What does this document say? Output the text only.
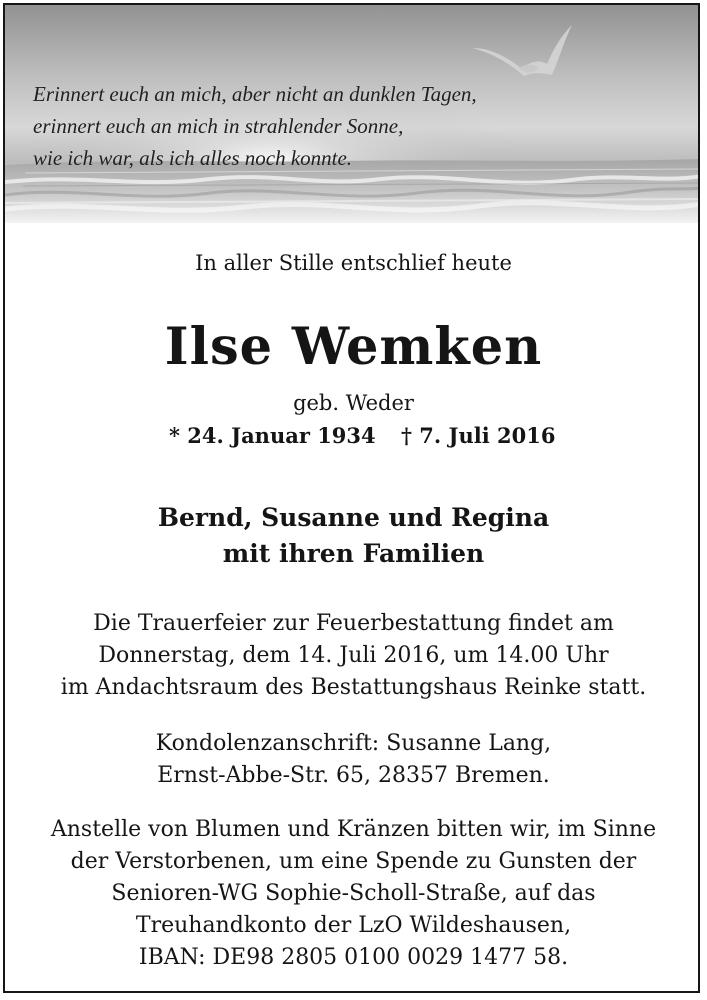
Erinnert euch an mich, aber nicht an dunklen Tagen,
erinnert euch an mich in strahlender Sonne,
wie ich war, als ich alles noch konnte.

In aller Stille entschlief heute
Ilse Wemken
geb. Weder
* 24. Januar 1934 † 7. Juli 2016
Bernd, Susanne und Regina
mit ihren Familien
Die Trauerfeier zur Feuerbestattung findet am
Donnerstag, dem 14. Juli 2016, um 14.00 Uhr
im Andachtsraum des Bestattungshaus Reinke statt.
Kondolenzanschrift: Susanne Lang,
Ernst-Abbe-Str. 65, 28357 Bremen.
Anstelle von Blumen und Kränzen bitten wir, im Sinne
der Verstorbenen, um eine Spende zu Gunsten der
Senioren-WG Sophie-Scholl-Straße, auf das
Treuhandkonto der LzO Wildeshausen,
IBAN: DE98 2805 0100 0029 1477 58.
